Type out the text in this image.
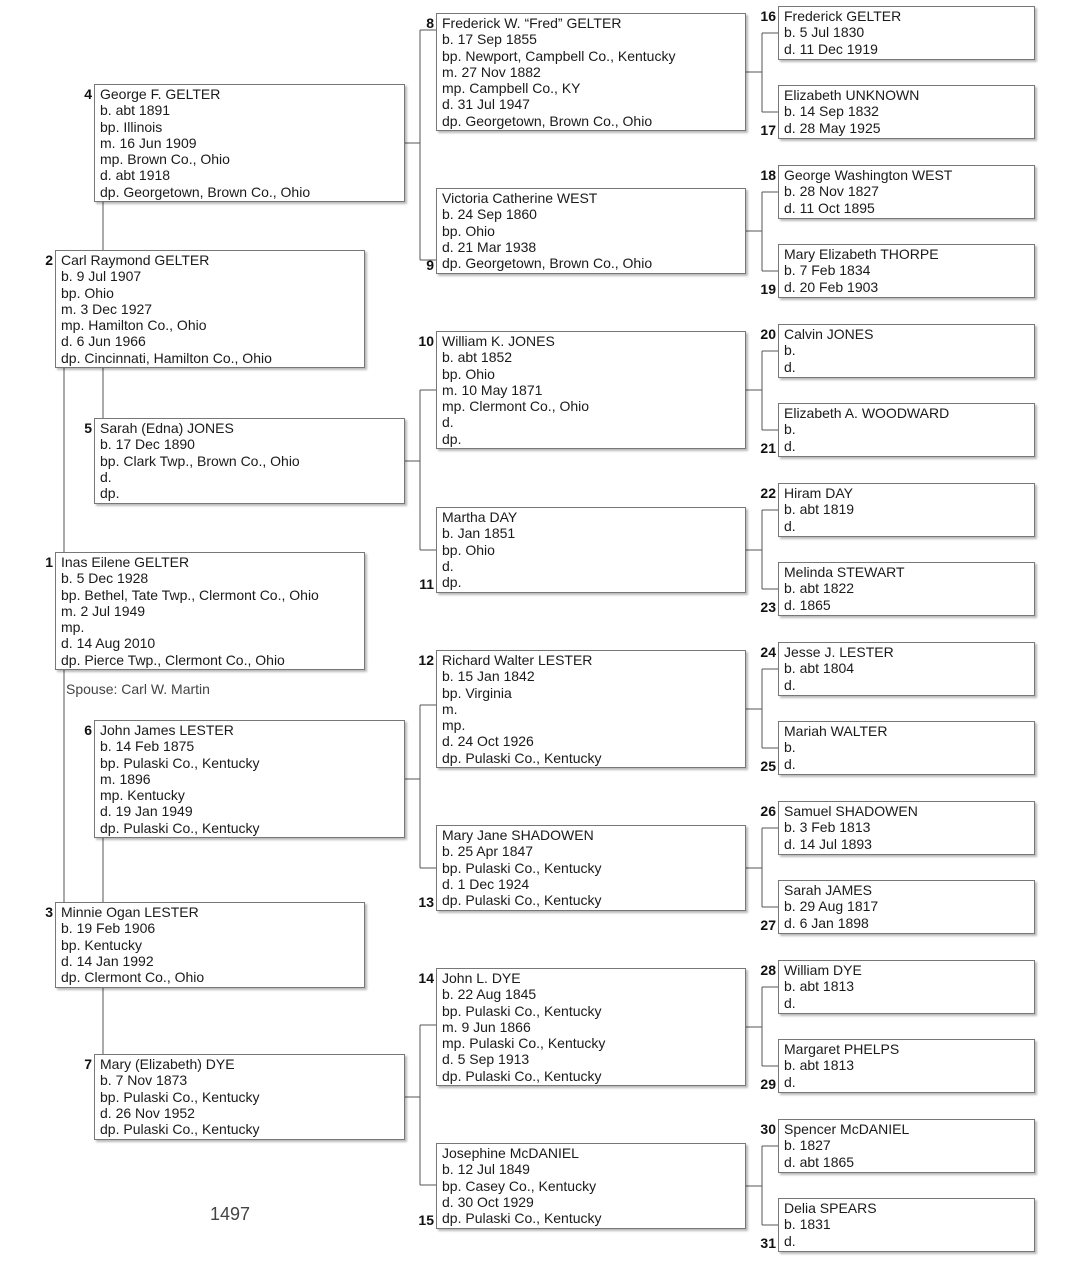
Spouse: Carl W. Martin
1497
Inas Eilene GELTER
b. 5 Dec 1928
bp. Bethel, Tate Twp., Clermont Co., Ohio
m. 2 Jul 1949
mp.
d. 14 Aug 2010
dp. Pierce Twp., Clermont Co., Ohio
1
Carl Raymond GELTER
b. 9 Jul 1907
bp. Ohio
m. 3 Dec 1927
mp. Hamilton Co., Ohio
d. 6 Jun 1966
dp. Cincinnati, Hamilton Co., Ohio
2
Minnie Ogan LESTER
b. 19 Feb 1906
bp. Kentucky
d. 14 Jan 1992
dp. Clermont Co., Ohio
3
George F. GELTER
b. abt 1891
bp. Illinois
m. 16 Jun 1909
mp. Brown Co., Ohio
d. abt 1918
dp. Georgetown, Brown Co., Ohio
4
Sarah (Edna) JONES
b. 17 Dec 1890
bp. Clark Twp., Brown Co., Ohio
d.
dp.
5
John James LESTER
b. 14 Feb 1875
bp. Pulaski Co., Kentucky
m. 1896
mp. Kentucky
d. 19 Jan 1949
dp. Pulaski Co., Kentucky
6
Mary (Elizabeth) DYE
b. 7 Nov 1873
bp. Pulaski Co., Kentucky
d. 26 Nov 1952
dp. Pulaski Co., Kentucky
7
Frederick W. “Fred” GELTER
b. 17 Sep 1855
bp. Newport, Campbell Co., Kentucky
m. 27 Nov 1882
mp. Campbell Co., KY
d. 31 Jul 1947
dp. Georgetown, Brown Co., Ohio
8
Victoria Catherine WEST
b. 24 Sep 1860
bp. Ohio
d. 21 Mar 1938
dp. Georgetown, Brown Co., Ohio
9
William K. JONES
b. abt 1852
bp. Ohio
m. 10 May 1871
mp. Clermont Co., Ohio
d.
dp.
10
Martha DAY
b. Jan 1851
bp. Ohio
d.
dp.
11
Richard Walter LESTER
b. 15 Jan 1842
bp. Virginia
m.
mp.
d. 24 Oct 1926
dp. Pulaski Co., Kentucky
12
Mary Jane SHADOWEN
b. 25 Apr 1847
bp. Pulaski Co., Kentucky
d. 1 Dec 1924
dp. Pulaski Co., Kentucky
13
John L. DYE
b. 22 Aug 1845
bp. Pulaski Co., Kentucky
m. 9 Jun 1866
mp. Pulaski Co., Kentucky
d. 5 Sep 1913
dp. Pulaski Co., Kentucky
14
Josephine McDANIEL
b. 12 Jul 1849
bp. Casey Co., Kentucky
d. 30 Oct 1929
dp. Pulaski Co., Kentucky
15
Frederick GELTER
b. 5 Jul 1830
d. 11 Dec 1919
16
Elizabeth UNKNOWN
b. 14 Sep 1832
d. 28 May 1925
17
George Washington WEST
b. 28 Nov 1827
d. 11 Oct 1895
18
Mary Elizabeth THORPE
b. 7 Feb 1834
d. 20 Feb 1903
19
Calvin JONES
b.
d.
20
Elizabeth A. WOODWARD
b.
d.
21
Hiram DAY
b. abt 1819
d.
22
Melinda STEWART
b. abt 1822
d. 1865
23
Jesse J. LESTER
b. abt 1804
d.
24
Mariah WALTER
b.
d.
25
Samuel SHADOWEN
b. 3 Feb 1813
d. 14 Jul 1893
26
Sarah JAMES
b. 29 Aug 1817
d. 6 Jan 1898
27
William DYE
b. abt 1813
d.
28
Margaret PHELPS
b. abt 1813
d.
29
Spencer McDANIEL
b. 1827
d. abt 1865
30
Delia SPEARS
b. 1831
d.
31
